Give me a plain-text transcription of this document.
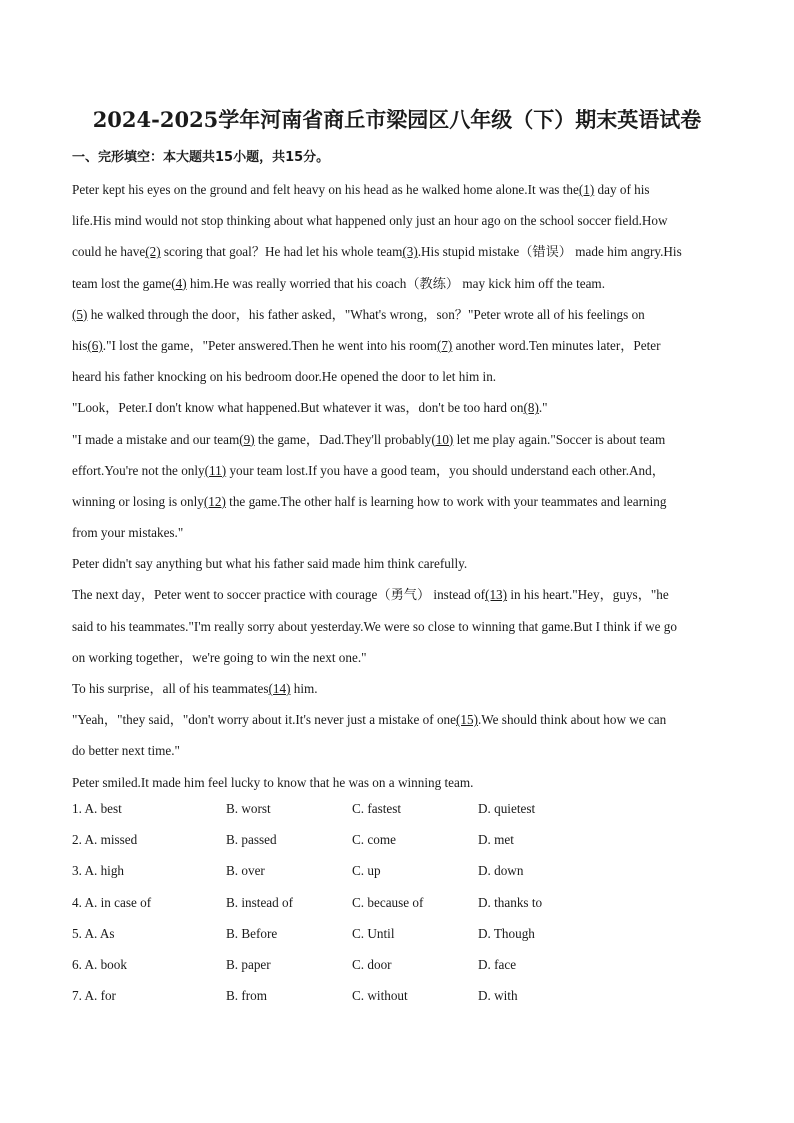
2024-2025学年河南省商丘市梁园区八年级（下）期末英语试卷
一、完形填空：本大题共15小题，共15分。
Peter kept his eyes on the ground and felt heavy on his head as he walked home alone.It was the(1) day of his
life.His mind would not stop thinking about what happened only just an hour ago on the school soccer field.How
could he have(2) scoring that goal？He had let his whole team(3).His stupid mistake（错误） made him angry.His
team lost the game(4) him.He was really worried that his coach（教练） may kick him off the team.
(5) he walked through the door，his father asked，"What's wrong，son？"Peter wrote all of his feelings on
his(6)."I lost the game，"Peter answered.Then he went into his room(7) another word.Ten minutes later，Peter
heard his father knocking on his bedroom door.He opened the door to let him in.
"Look，Peter.I don't know what happened.But whatever it was，don't be too hard on(8)."
"I made a mistake and our team(9) the game，Dad.They'll probably(10) let me play again."Soccer is about team
effort.You're not the only(11) your team lost.If you have a good team，you should understand each other.And，
winning or losing is only(12) the game.The other half is learning how to work with your teammates and learning
from your mistakes."
Peter didn't say anything but what his father said made him think carefully.
The next day，Peter went to soccer practice with courage（勇气） instead of(13) in his heart."Hey，guys，"he
said to his teammates."I'm really sorry about yesterday.We were so close to winning that game.But I think if we go
on working together，we're going to win the next one."
To his surprise，all of his teammates(14) him.
"Yeah，"they said，"don't worry about it.It's never just a mistake of one(15).We should think about how we can
do better next time."
Peter smiled.It made him feel lucky to know that he was on a winning team.
1. A. best	B. worst	C. fastest	D. quietest
2. A. missed	B. passed	C. come	D. met
3. A. high	B. over	C. up	D. down
4. A. in case of	B. instead of	C. because of	D. thanks to
5. A. As	B. Before	C. Until	D. Though
6. A. book	B. paper	C. door	D. face
7. A. for	B. from	C. without	D. with
